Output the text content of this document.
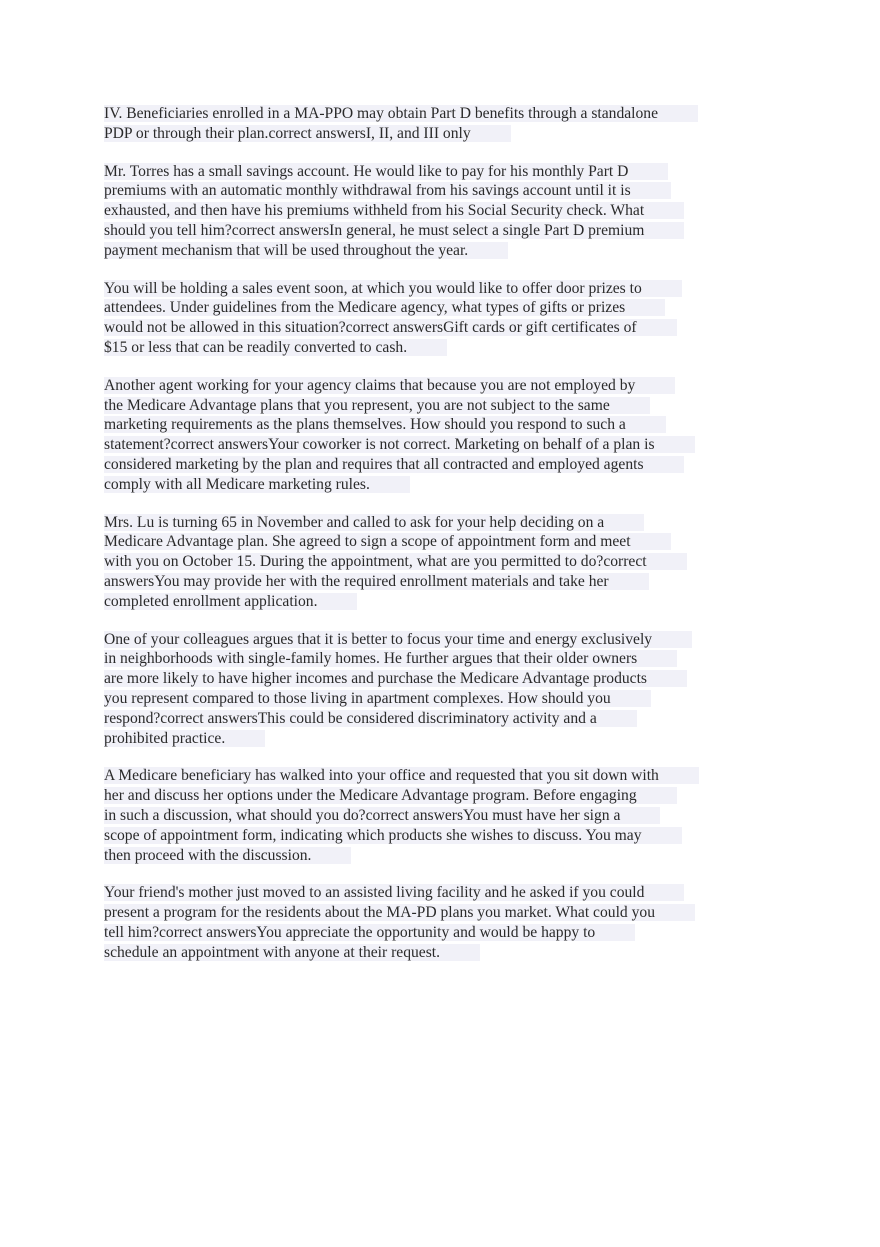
IV. Beneficiaries enrolled in a MA-PPO may obtain Part D benefits through a standalone
PDP or through their plan.correct answersI, II, and III only
Mr. Torres has a small savings account. He would like to pay for his monthly Part D
premiums with an automatic monthly withdrawal from his savings account until it is
exhausted, and then have his premiums withheld from his Social Security check. What
should you tell him?correct answersIn general, he must select a single Part D premium
payment mechanism that will be used throughout the year.
You will be holding a sales event soon, at which you would like to offer door prizes to
attendees. Under guidelines from the Medicare agency, what types of gifts or prizes
would not be allowed in this situation?correct answersGift cards or gift certificates of
$15 or less that can be readily converted to cash.
Another agent working for your agency claims that because you are not employed by
the Medicare Advantage plans that you represent, you are not subject to the same
marketing requirements as the plans themselves. How should you respond to such a
statement?correct answersYour coworker is not correct. Marketing on behalf of a plan is
considered marketing by the plan and requires that all contracted and employed agents
comply with all Medicare marketing rules.
Mrs. Lu is turning 65 in November and called to ask for your help deciding on a
Medicare Advantage plan. She agreed to sign a scope of appointment form and meet
with you on October 15. During the appointment, what are you permitted to do?correct
answersYou may provide her with the required enrollment materials and take her
completed enrollment application.
One of your colleagues argues that it is better to focus your time and energy exclusively
in neighborhoods with single-family homes. He further argues that their older owners
are more likely to have higher incomes and purchase the Medicare Advantage products
you represent compared to those living in apartment complexes. How should you
respond?correct answersThis could be considered discriminatory activity and a
prohibited practice.
A Medicare beneficiary has walked into your office and requested that you sit down with
her and discuss her options under the Medicare Advantage program. Before engaging
in such a discussion, what should you do?correct answersYou must have her sign a
scope of appointment form, indicating which products she wishes to discuss. You may
then proceed with the discussion.
Your friend's mother just moved to an assisted living facility and he asked if you could
present a program for the residents about the MA-PD plans you market. What could you
tell him?correct answersYou appreciate the opportunity and would be happy to
schedule an appointment with anyone at their request.
